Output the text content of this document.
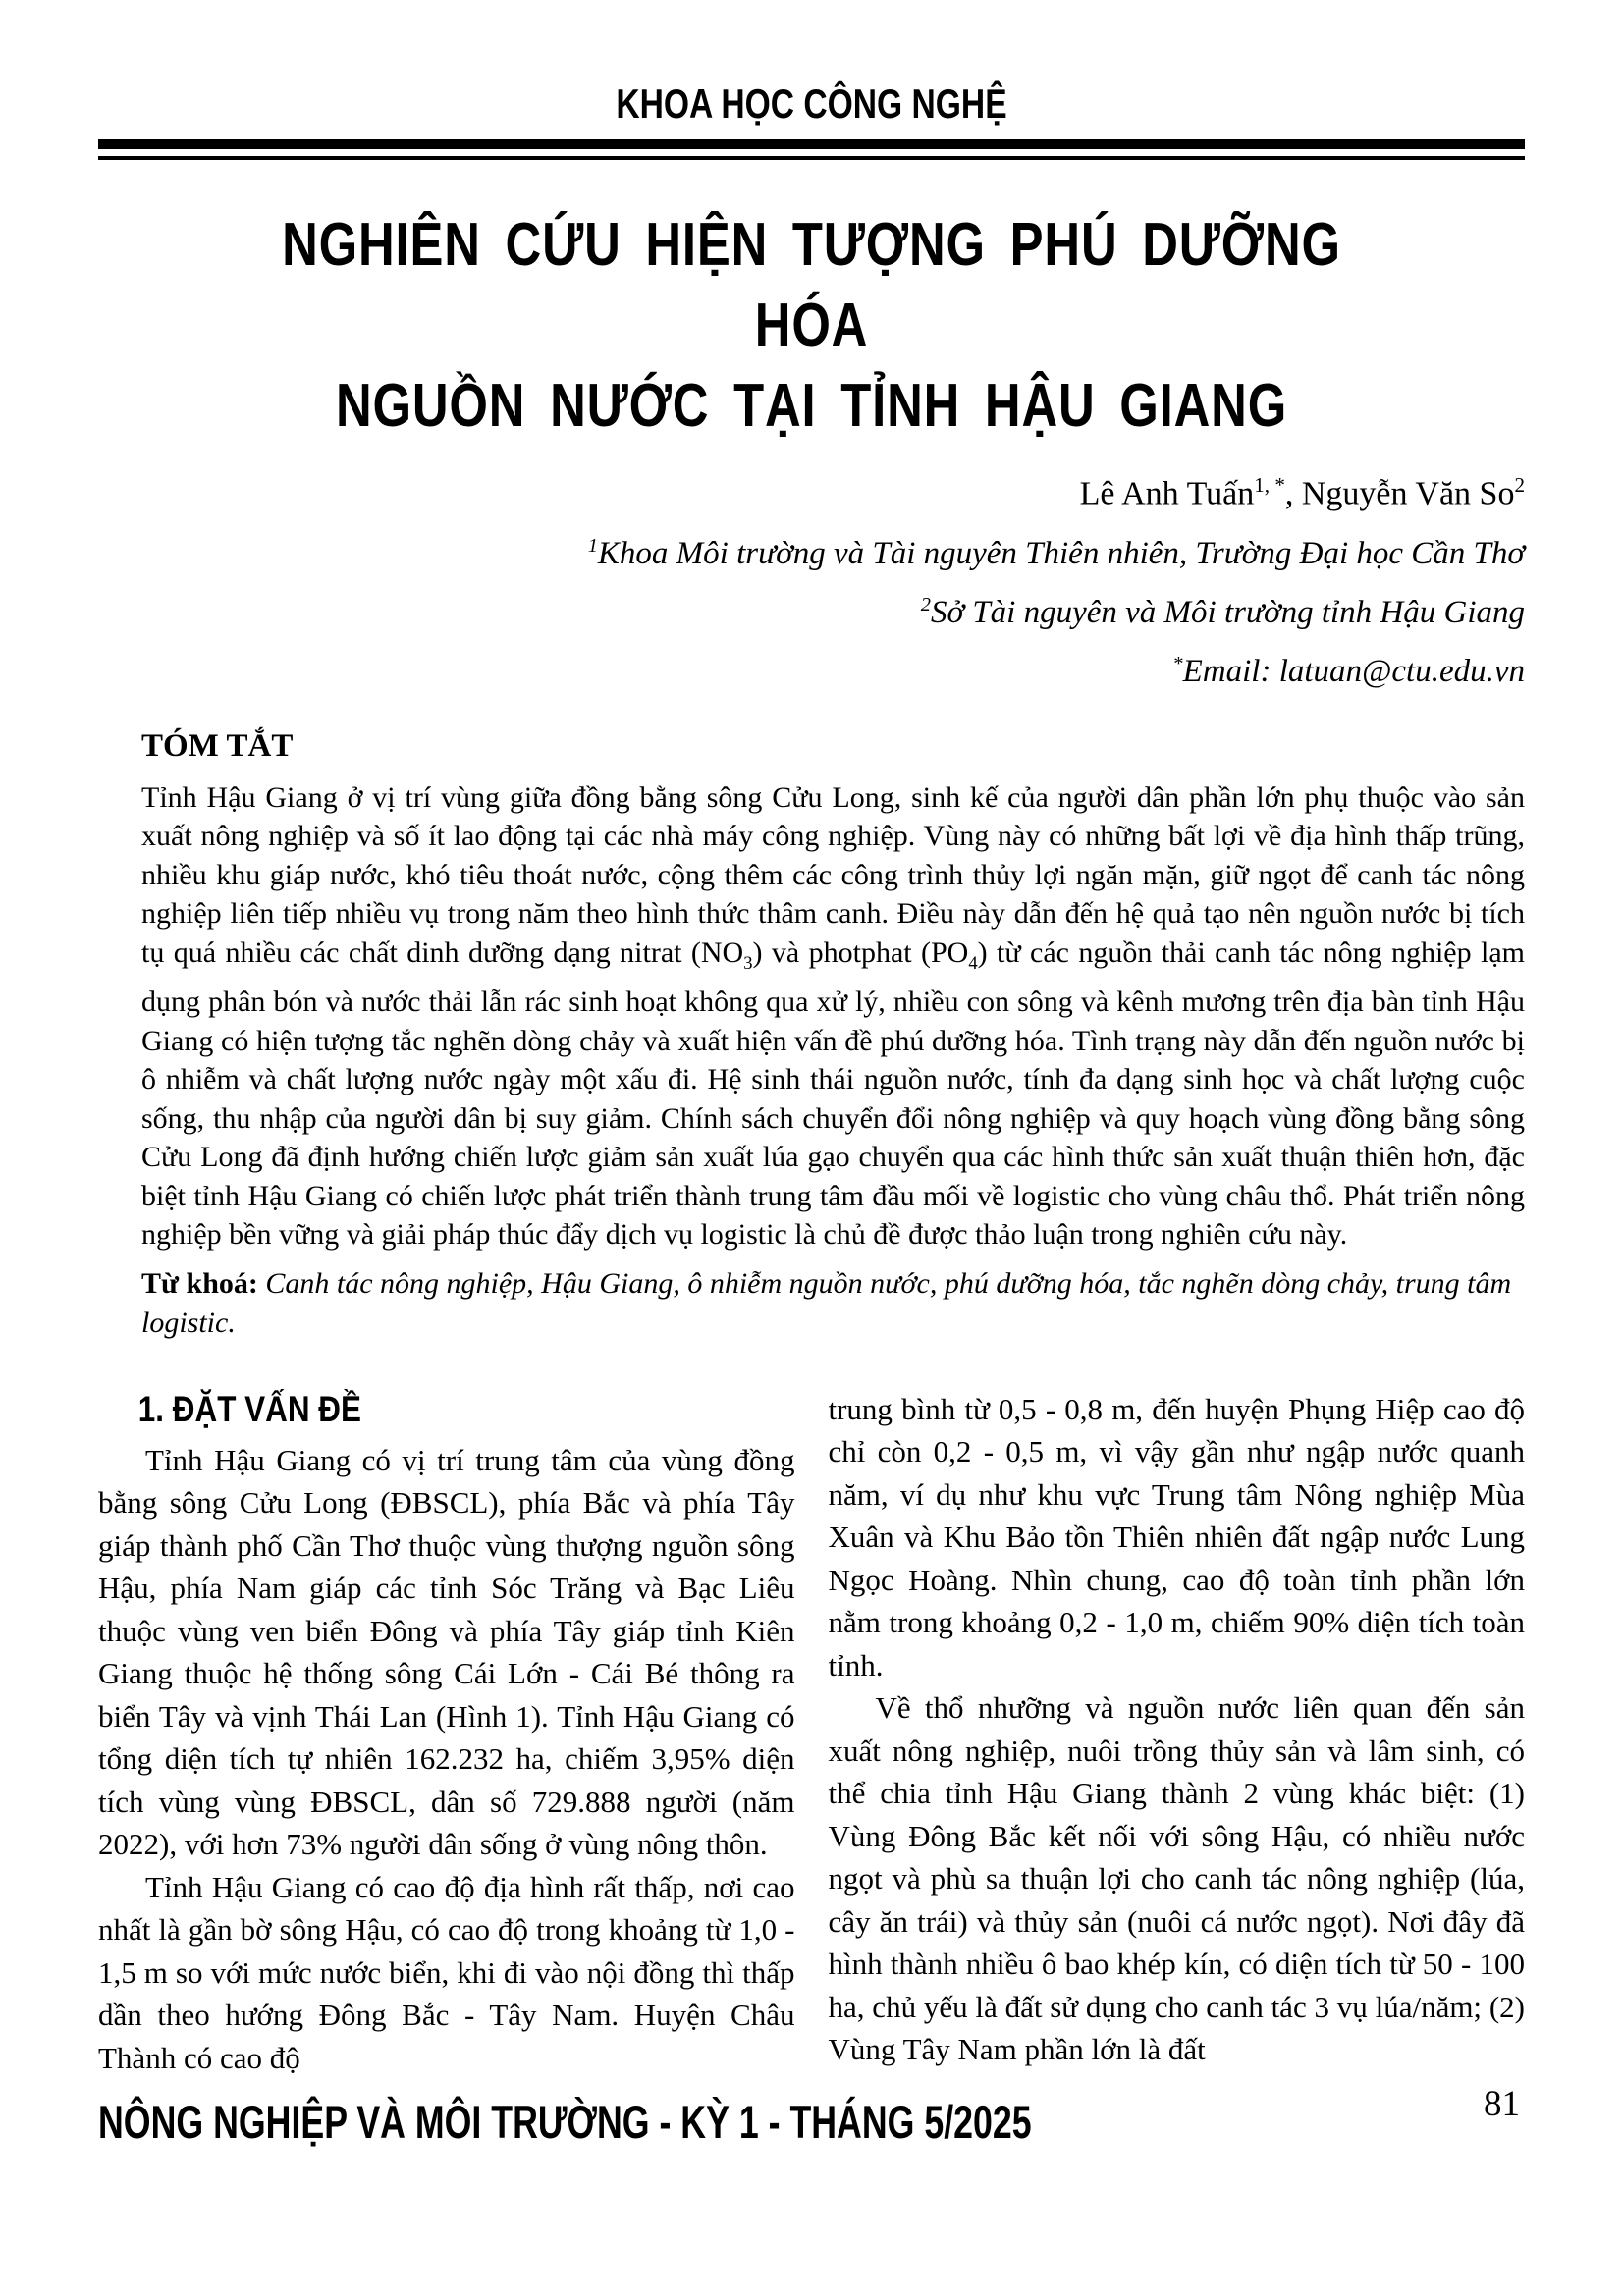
KHOA HỌC CÔNG NGHỆ
NGHIÊN CỨU HIỆN TƯỢNG PHÚ DƯỠNG HÓA
NGUỒN NƯỚC TẠI TỈNH HẬU GIANG

Lê Anh Tuấn$^{1, *}$, Nguyễn Văn So$^2$

$^1$Khoa Môi trường và Tài nguyên Thiên nhiên, Trường Đại học Cần Thơ

$^2$Sở Tài nguyên và Môi trường tỉnh Hậu Giang

*Email: latuan@ctu.edu.vn

TÓM TẮT

Tỉnh Hậu Giang ở vị trí vùng giữa đồng bằng sông Cửu Long, sinh kế của người dân phần lớn phụ thuộc vào sản xuất nông nghiệp và số ít lao động tại các nhà máy công nghiệp. Vùng này có những bất lợi về địa hình thấp trũng, nhiều khu giáp nước, khó tiêu thoát nước, cộng thêm các công trình thủy lợi ngăn mặn, giữ ngọt để canh tác nông nghiệp liên tiếp nhiều vụ trong năm theo hình thức thâm canh. Điều này dẫn đến hệ quả tạo nên nguồn nước bị tích tụ quá nhiều các chất dinh dưỡng dạng nitrat $(NO_3)$ và photphat $(PO_4)$ từ các nguồn thải canh tác nông nghiệp lạm dụng phân bón và nước thải lẫn rác sinh hoạt không qua xử lý, nhiều con sông và kênh mương trên địa bàn tỉnh Hậu Giang có hiện tượng tắc nghẽn dòng chảy và xuất hiện vấn đề phú dưỡng hóa. Tình trạng này dẫn đến nguồn nước bị ô nhiễm và chất lượng nước ngày một xấu đi. Hệ sinh thái nguồn nước, tính đa dạng sinh học và chất lượng cuộc sống, thu nhập của người dân bị suy giảm. Chính sách chuyển đổi nông nghiệp và quy hoạch vùng đồng bằng sông Cửu Long đã định hướng chiến lược giảm sản xuất lúa gạo chuyển qua các hình thức sản xuất thuận thiên hơn, đặc biệt tỉnh Hậu Giang có chiến lược phát triển thành trung tâm đầu mối về logistic cho vùng châu thổ. Phát triển nông nghiệp bền vững và giải pháp thúc đẩy dịch vụ logistic là chủ đề được thảo luận trong nghiên cứu này.

Từ khoá: Canh tác nông nghiệp, Hậu Giang, ô nhiễm nguồn nước, phú dưỡng hóa, tắc nghẽn dòng chảy, trung tâm logistic.

1. ĐẶT VẤN ĐỀ

Tỉnh Hậu Giang có vị trí trung tâm của vùng đồng bằng sông Cửu Long (ĐBSCL), phía Bắc và phía Tây giáp thành phố Cần Thơ thuộc vùng thượng nguồn sông Hậu, phía Nam giáp các tỉnh Sóc Trăng và Bạc Liêu thuộc vùng ven biển Đông và phía Tây giáp tỉnh Kiên Giang thuộc hệ thống sông Cái Lớn - Cái Bé thông ra biển Tây và vịnh Thái Lan (Hình 1). Tỉnh Hậu Giang có tổng diện tích tự nhiên 162.232 ha, chiếm 3,95% diện tích vùng vùng ĐBSCL, dân số 729.888 người (năm 2022), với hơn 73% người dân sống ở vùng nông thôn.

Tỉnh Hậu Giang có cao độ địa hình rất thấp, nơi cao nhất là gần bờ sông Hậu, có cao độ trong khoảng từ 1,0 - 1,5 m so với mức nước biển, khi đi vào nội đồng thì thấp dần theo hướng Đông Bắc - Tây Nam. Huyện Châu Thành có cao độ

trung bình từ 0,5 - 0,8 m, đến huyện Phụng Hiệp cao độ chỉ còn 0,2 - 0,5 m, vì vậy gần như ngập nước quanh năm, ví dụ như khu vực Trung tâm Nông nghiệp Mùa Xuân và Khu Bảo tồn Thiên nhiên đất ngập nước Lung Ngọc Hoàng. Nhìn chung, cao độ toàn tỉnh phần lớn nằm trong khoảng 0,2 - 1,0 m, chiếm 90% diện tích toàn tỉnh.

Về thổ nhưỡng và nguồn nước liên quan đến sản xuất nông nghiệp, nuôi trồng thủy sản và lâm sinh, có thể chia tỉnh Hậu Giang thành 2 vùng khác biệt: (1) Vùng Đông Bắc kết nối với sông Hậu, có nhiều nước ngọt và phù sa thuận lợi cho canh tác nông nghiệp (lúa, cây ăn trái) và thủy sản (nuôi cá nước ngọt). Nơi đây đã hình thành nhiều ô bao khép kín, có diện tích từ 50 - 100 ha, chủ yếu là đất sử dụng cho canh tác 3 vụ lúa/năm; (2) Vùng Tây Nam phần lớn là đất

NÔNG NGHIỆP VÀ MÔI TRƯỜNG - KỲ 1 - THÁNG 5/2025	81
